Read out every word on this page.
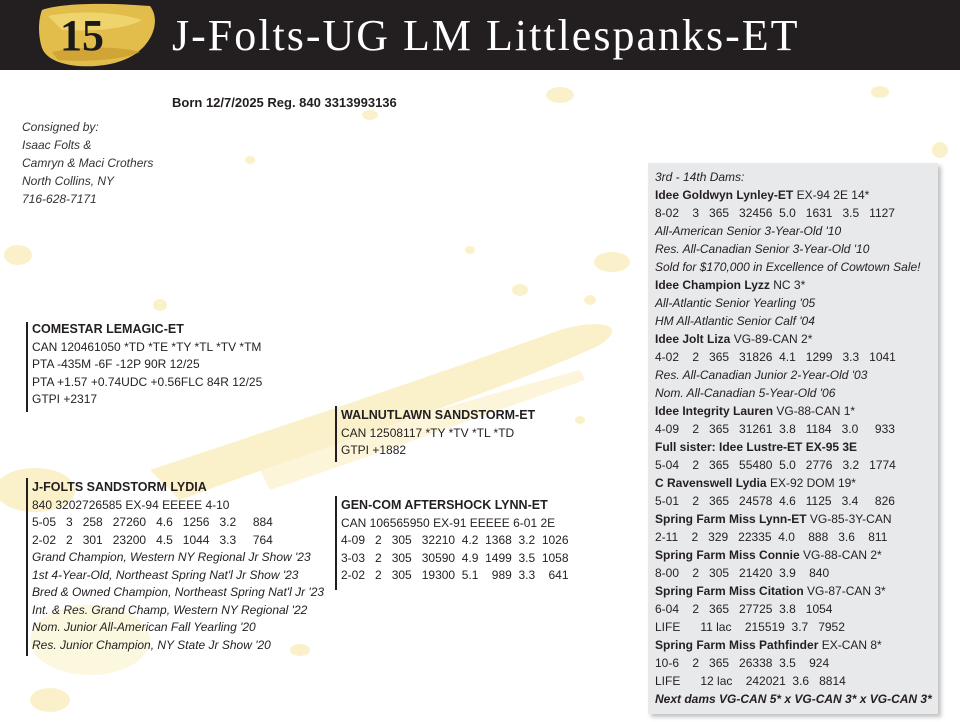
15 J-Folts-UG LM Littlespanks-ET
Born 12/7/2025 Reg. 840 3313993136
Consigned by:
Isaac Folts &
Camryn & Maci Crothers
North Collins, NY
716-628-7171
COMESTAR LEMAGIC-ET
CAN 120461050 *TD *TE *TY *TL *TV *TM
PTA -435M -6F -12P 90R 12/25
PTA +1.57 +0.74UDC +0.56FLC 84R 12/25
GTPI +2317
WALNUTLAWN SANDSTORM-ET
CAN 12508117 *TY *TV *TL *TD
GTPI +1882
J-FOLTS SANDSTORM LYDIA
840 3202726585 EX-94 EEEEE 4-10
5-05   3   258   27260   4.6   1256   3.2     884
2-02   2   301   23200   4.5   1044   3.3     764
Grand Champion, Western NY Regional Jr Show '23
1st 4-Year-Old, Northeast Spring Nat'l Jr Show '23
Bred & Owned Champion, Northeast Spring Nat'l Jr '23
Int. & Res. Grand Champ, Western NY Regional '22
Nom. Junior All-American Fall Yearling '20
Res. Junior Champion, NY State Jr Show '20
GEN-COM AFTERSHOCK LYNN-ET
CAN 106565950 EX-91 EEEEE 6-01 2E
4-09   2   305   32210  4.2  1368  3.2  1026
3-03   2   305   30590  4.9  1499  3.5  1058
2-02   2   305   19300  5.1    989  3.3    641
3rd - 14th Dams:
Idee Goldwyn Lynley-ET EX-94 2E 14*
8-02    3   365   32456  5.0   1631   3.5   1127
All-American Senior 3-Year-Old '10
Res. All-Canadian Senior 3-Year-Old '10
Sold for $170,000 in Excellence of Cowtown Sale!
Idee Champion Lyzz NC 3*
All-Atlantic Senior Yearling '05
HM All-Atlantic Senior Calf '04
Idee Jolt Liza VG-89-CAN 2*
4-02    2   365   31826  4.1   1299   3.3   1041
Res. All-Canadian Junior 2-Year-Old '03
Nom. All-Canadian 5-Year-Old '06
Idee Integrity Lauren VG-88-CAN 1*
4-09    2   365   31261  3.8   1184   3.0     933
Full sister: Idee Lustre-ET EX-95 3E
5-04    2   365   55480  5.0   2776   3.2   1774
C Ravenswell Lydia EX-92 DOM 19*
5-01    2   365   24578  4.6   1125   3.4     826
Spring Farm Miss Lynn-ET VG-85-3Y-CAN
2-11    2   329   22335  4.0    888   3.6    811
Spring Farm Miss Connie VG-88-CAN 2*
8-00    2   305   21420  3.9    840
Spring Farm Miss Citation VG-87-CAN 3*
6-04    2   365   27725  3.8   1054
LIFE      11 lac    215519  3.7   7952
Spring Farm Miss Pathfinder EX-CAN 8*
10-6    2   365   26338  3.5    924
LIFE      12 lac    242021  3.6   8814
Next dams VG-CAN 5* x VG-CAN 3* x VG-CAN 3*
